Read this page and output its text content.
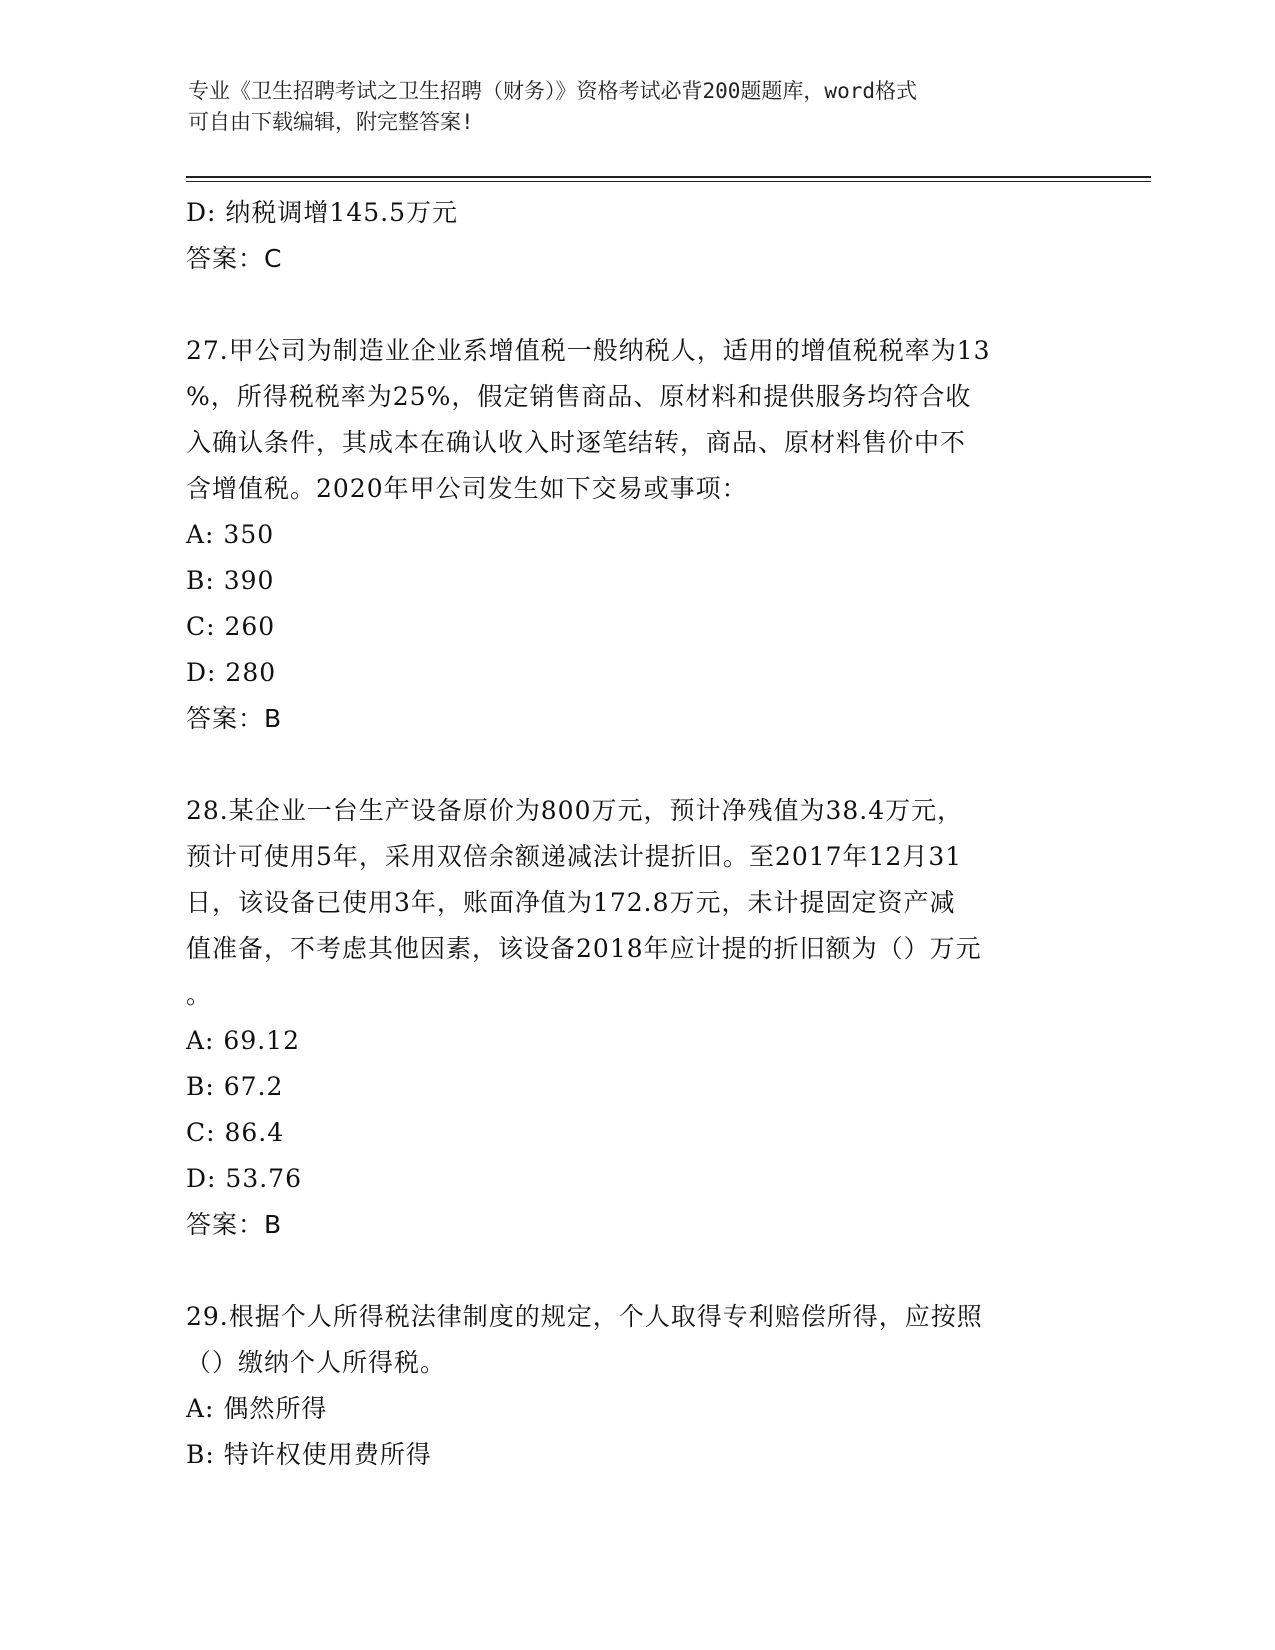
专业《卫生招聘考试之卫生招聘（财务）》资格考试必背200题题库，word格式
可自由下载编辑，附完整答案!

D: 纳税调增145.5万元

答案：C

27.甲公司为制造业企业系增值税一般纳税人，适用的增值税税率为13

%，所得税税率为25%，假定销售商品、原材料和提供服务均符合收

入确认条件，其成本在确认收入时逐笔结转，商品、原材料售价中不

含增值税。2020年甲公司发生如下交易或事项：

A: 350

B: 390

C: 260

D: 280

答案：B

28.某企业一台生产设备原价为800万元，预计净残值为38.4万元，

预计可使用5年，采用双倍余额递减法计提折旧。至2017年12月31

日，该设备已使用3年，账面净值为172.8万元，未计提固定资产减

值准备，不考虑其他因素，该设备2018年应计提的折旧额为（）万元

。

A: 69.12

B: 67.2

C: 86.4

D: 53.76

答案：B

29.根据个人所得税法律制度的规定，个人取得专利赔偿所得，应按照

（）缴纳个人所得税。

A: 偶然所得

B: 特许权使用费所得
